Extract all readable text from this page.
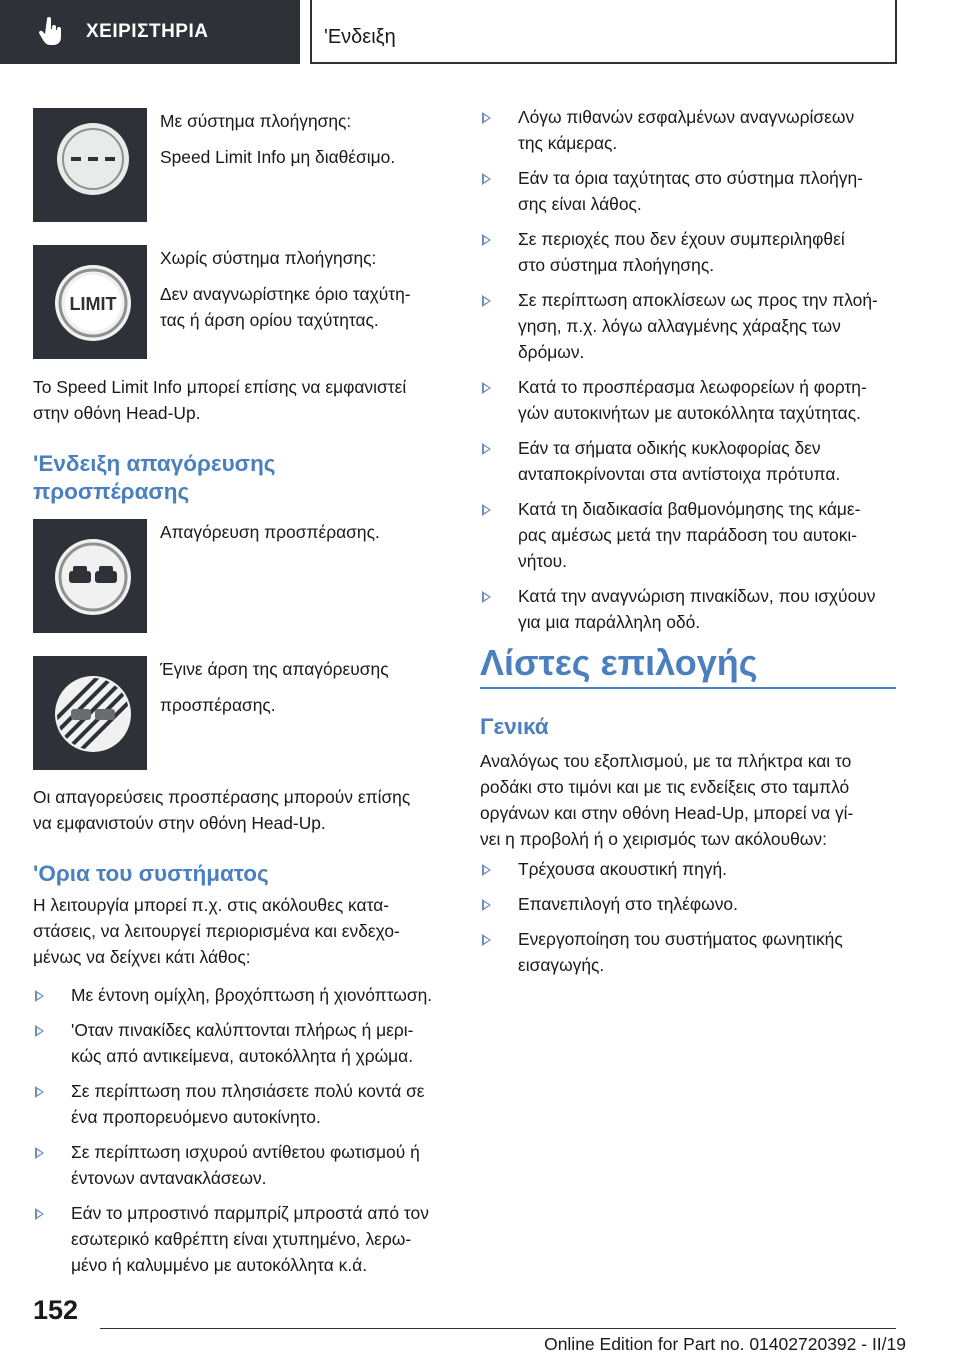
ΧΕΙΡΙΣΤΗΡΙΑ	'Ενδειξη

Με σύστημα πλοήγησης:

Speed Limit Info μη διαθέσιμο.

LIMIT

Χωρίς σύστημα πλοήγησης:

Δεν αναγνωρίστηκε όριο ταχύτη-

τας ή άρση ορίου ταχύτητας.

Το Speed Limit Info μπορεί επίσης να εμφανιστεί

στην οθόνη Head-Up.

'Ενδειξη απαγόρευσης

προσπέρασης

Απαγόρευση προσπέρασης.

Έγινε άρση της απαγόρευσης

προσπέρασης.

Οι απαγορεύσεις προσπέρασης μπορούν επίσης

να εμφανιστούν στην οθόνη Head-Up.

'Ορια του συστήματος

Η λειτουργία μπορεί π.χ. στις ακόλουθες κατα-

στάσεις, να λειτουργεί περιορισμένα και ενδεχο-

μένως να δείχνει κάτι λάθος:

Με έντονη ομίχλη, βροχόπτωση ή χιονόπτωση.
'Οταν πινακίδες καλύπτονται πλήρως ή μερι-
κώς από αντικείμενα, αυτοκόλλητα ή χρώμα.
Σε περίπτωση που πλησιάσετε πολύ κοντά σε
ένα προπορευόμενο αυτοκίνητο.
Σε περίπτωση ισχυρού αντίθετου φωτισμού ή
έντονων αντανακλάσεων.
Εάν το μπροστινό παρμπρίζ μπροστά από τον
εσωτερικό καθρέπτη είναι χτυπημένο, λερω-
μένο ή καλυμμένο με αυτοκόλλητα κ.ά.
Λόγω πιθανών εσφαλμένων αναγνωρίσεων
της κάμερας.
Εάν τα όρια ταχύτητας στο σύστημα πλοήγη-
σης είναι λάθος.
Σε περιοχές που δεν έχουν συμπεριληφθεί
στο σύστημα πλοήγησης.
Σε περίπτωση αποκλίσεων ως προς την πλοή-
γηση, π.χ. λόγω αλλαγμένης χάραξης των
δρόμων.
Κατά το προσπέρασμα λεωφορείων ή φορτη-
γών αυτοκινήτων με αυτοκόλλητα ταχύτητας.
Εάν τα σήματα οδικής κυκλοφορίας δεν
ανταποκρίνονται στα αντίστοιχα πρότυπα.
Κατά τη διαδικασία βαθμονόμησης της κάμε-
ρας αμέσως μετά την παράδοση του αυτοκι-
νήτου.
Κατά την αναγνώριση πινακίδων, που ισχύουν
για μια παράλληλη οδό.

Λίστες επιλογής

Γενικά

Αναλόγως του εξοπλισμού, με τα πλήκτρα και το

ροδάκι στο τιμόνι και με τις ενδείξεις στο ταμπλό

οργάνων και στην οθόνη Head-Up, μπορεί να γί-

νει η προβολή ή ο χειρισμός των ακόλουθων:

Τρέχουσα ακουστική πηγή.
Επανεπιλογή στο τηλέφωνο.
Ενεργοποίηση του συστήματος φωνητικής
εισαγωγής.
152
Online Edition for Part no. 01402720392 - II/19
